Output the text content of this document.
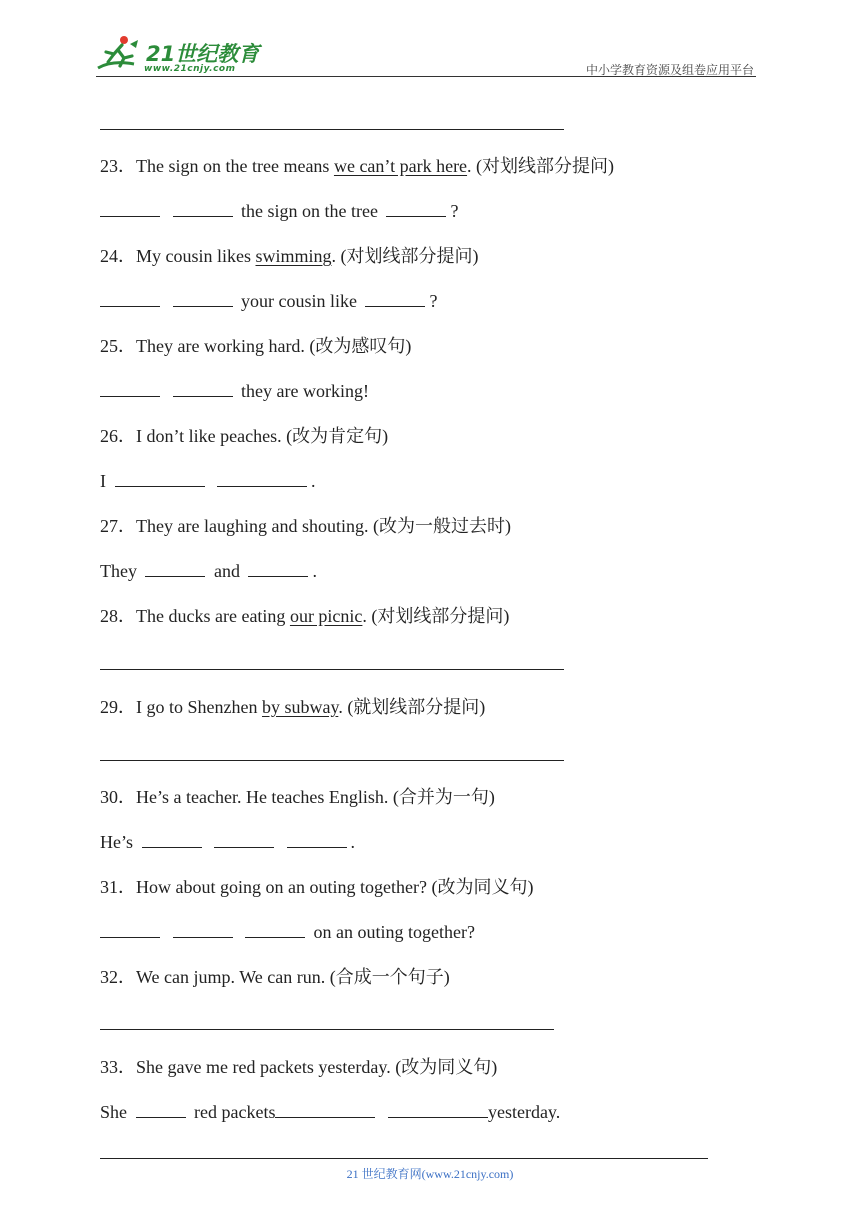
21世纪教育
www.21cnjy.com	中小学教育资源及组卷应用平台
23．The sign on the tree means we can’t park here. (对划线部分提问)
the sign on the tree	?
24．My cousin likes swimming. (对划线部分提问)
your cousin like	?
25．They are working hard. (改为感叹句)
they are working!
26．I don’t like peaches. (改为肯定句)
I	.
27．They are laughing and shouting. (改为一般过去时)
They	and	.
28．The ducks are eating our picnic. (对划线部分提问)
29．I go to Shenzhen by subway. (就划线部分提问)
30．He’s a teacher. He teaches English. (合并为一句)
He’s	.
31．How about going on an outing together? (改为同义句)
on an outing together?
32．We can jump. We can run. (合成一个句子)
33．She gave me red packets yesterday. (改为同义句)
She	red packets	yesterday.
21 世纪教育网(www.21cnjy.com)
